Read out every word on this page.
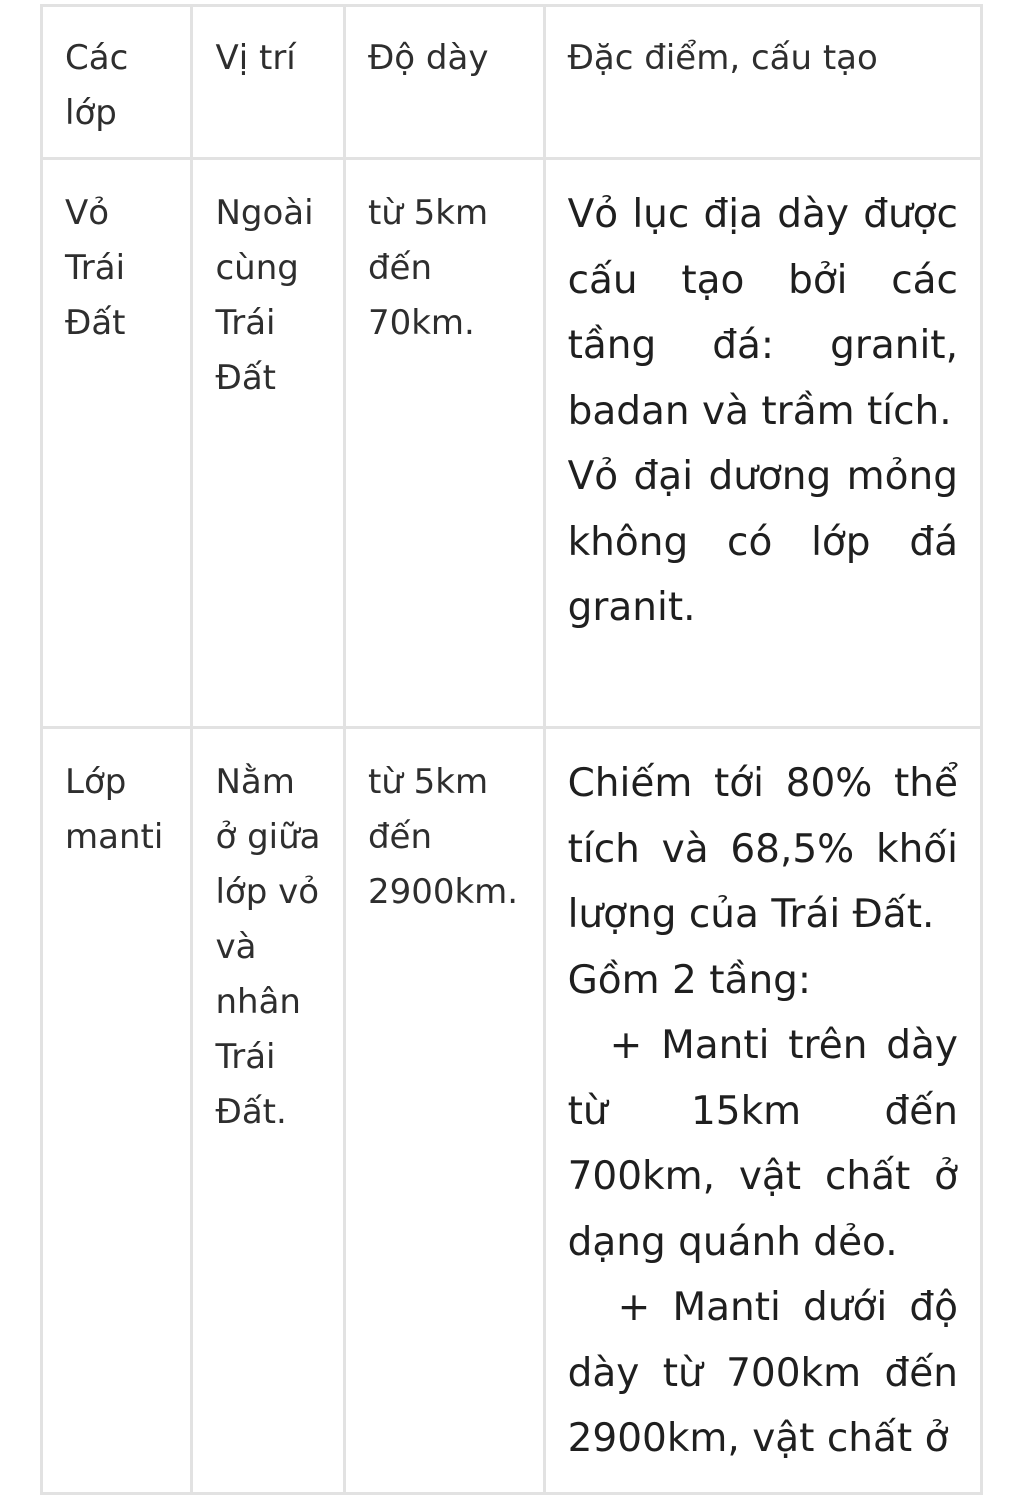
Các lớp	Vị trí	Độ dày	Đặc điểm, cấu tạo
Vỏ Trái Đất	Ngoài cùng Trái Đất	từ 5km đến 70km.	Vỏ lục địa dày được cấu tạo bởi các tầng đá: granit, badan và trầm tích.
Vỏ đại dương mỏng không có lớp đá granit.

Lớp manti	Nằm ở giữa lớp vỏ và nhân Trái Đất.	từ 5km đến 2900km.	Chiếm tới 80% thể tích và 68,5% khối lượng của Trái Đất.
Gồm 2 tầng:
+ Manti trên dày từ 15km đến 700km, vật chất ở dạng quánh dẻo.
+ Manti dưới độ dày từ 700km đến 2900km, vật chất ở
